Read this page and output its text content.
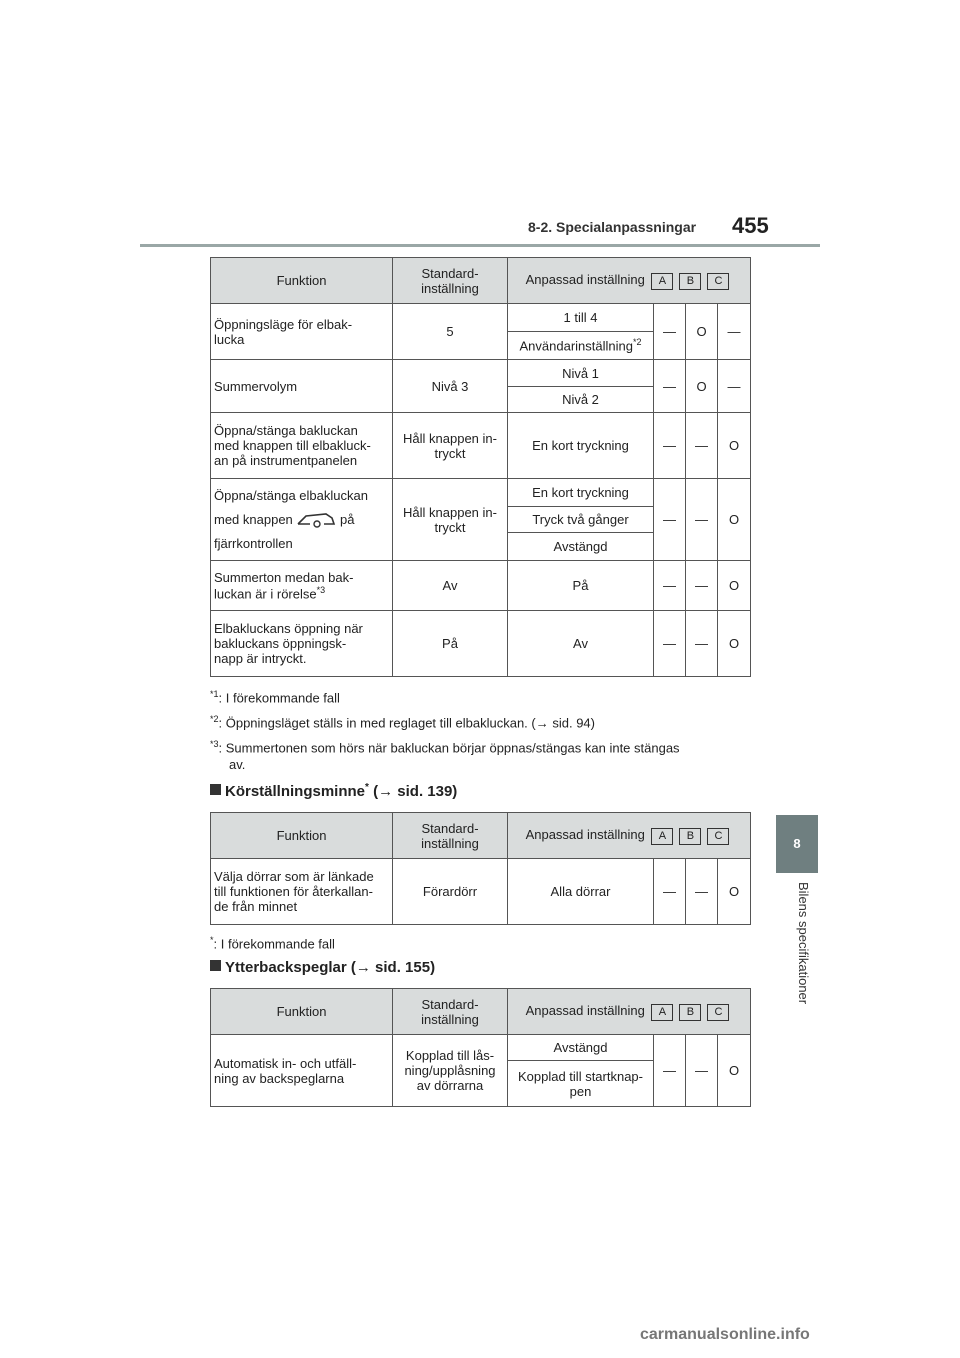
8-2. Specialanpassningar 455
8
Bilens specifikationer
Funktion	Standard-
inställning	Anpassad inställning A B C			
Öppningsläge för elbak-
lucka	5	1 till 4	—	O	—
		Användarinställning$^{*2}$
Summervolym	Nivå 3	Nivå 1	—	O	—
		Nivå 2			
Öppna/stänga bakluckan
med knappen till elbakluck-
an på instrumentpanelen	Håll knappen in-
tryckt	En kort tryckning	—	—	O
Öppna/stänga elbakluckan
med knappen på
fjärrkontrollen	Håll knappen in-
tryckt	En kort tryckning	—	—	O
		Tryck två gånger			
		Avstängd			
Summerton medan bak-
luckan är i rörelse$^{*3}$	Av	På	—	—	O
Elbakluckans öppning när
bakluckans öppningsk-
napp är intryckt.	På	Av	—	—	O
$^{*1}$: I förekommande fall
$^{*2}$: Öppningsläget ställs in med reglaget till elbakluckan. (→ sid. 94)
$^{*3}$: Summertonen som hörs när bakluckan börjar öppnas/stängas kan inte stängas
av.
Körställningsminne* (→ sid. 139)
Funktion	Standard-
inställning	Anpassad inställning A B C			
Välja dörrar som är länkade
till funktionen för återkallan-
de från minnet	Förardörr	Alla dörrar	—	—	O
*: I förekommande fall
Ytterbackspeglar (→ sid. 155)
Funktion	Standard-
inställning	Anpassad inställning A B C			
Automatisk in- och utfäll-
ning av backspeglarna	Kopplad till lås-
ning/upplåsning
av dörrarna	Avstängd	—	—	O
		Kopplad till startknap-
pen			
carmanualsonline.info
